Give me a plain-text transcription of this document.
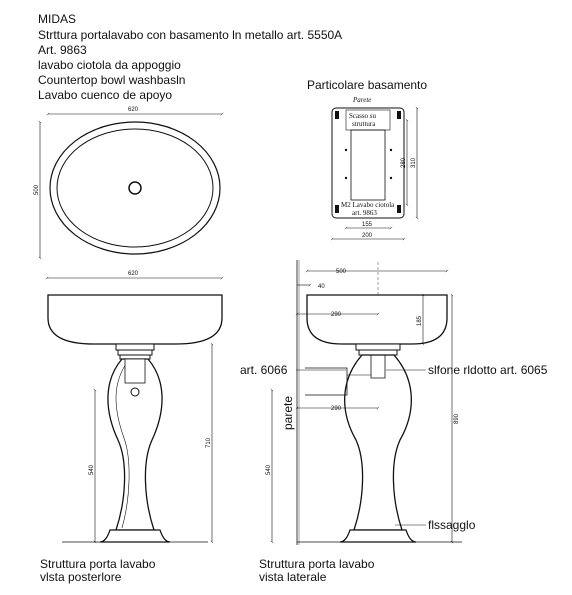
MIDAS
Strttura portalavabo con basamento ln metallo art. 5550A
Art. 9863
lavabo ciotola da appoggio
Countertop bowl washbasln
Lavabo cuenco de apoyo
Particolare basamento
Parete
Scasso su struttura
M2 Lavabo ciotola
art. 9863
155
200
280 310
620
500
620
540
710
500
40
290
185
290
890
540
parete
art. 6066	slfone rldotto art. 6065
flssagglo
Struttura porta lavabo
vlsta posterlore
Struttura porta lavabo
vista laterale
